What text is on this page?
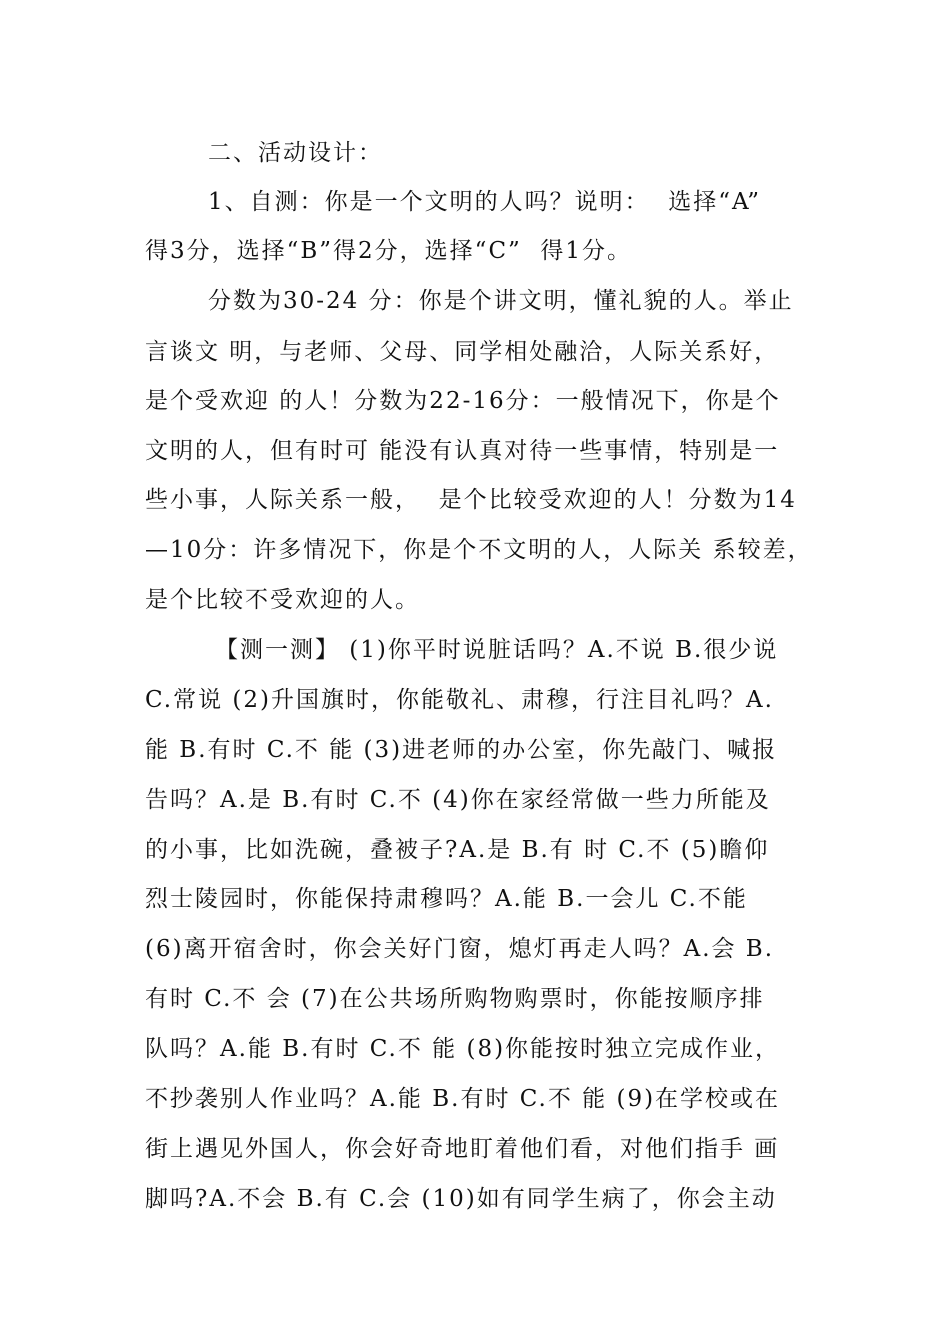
二、活动设计：
1、自测：你是一个文明的人吗？说明：  选择“A”
得3分，选择“B”得2分，选择“C”  得1分。
分数为30-24 分：你是个讲文明，懂礼貌的人。举止
言谈文 明，与老师、父母、同学相处融洽，人际关系好，
是个受欢迎 的人！分数为22-16分：一般情况下，你是个
文明的人，但有时可 能没有认真对待一些事情，特别是一
些小事，人际关系一般，  是个比较受欢迎的人！分数为14
—10分：许多情况下，你是个不文明的人，人际关 系较差，
是个比较不受欢迎的人。
【测一测】 (1)你平时说脏话吗？A.不说 B.很少说
C.常说 (2)升国旗时，你能敬礼、肃穆，行注目礼吗？A.
能 B.有时 C.不 能 (3)进老师的办公室，你先敲门、喊报
告吗？A.是 B.有时 C.不 (4)你在家经常做一些力所能及
的小事，比如洗碗，叠被子?A.是 B.有 时 C.不 (5)瞻仰
烈士陵园时，你能保持肃穆吗？A.能 B.一会儿 C.不能
(6)离开宿舍时，你会关好门窗，熄灯再走人吗？A.会 B.
有时 C.不 会 (7)在公共场所购物购票时，你能按顺序排
队吗？A.能 B.有时 C.不 能 (8)你能按时独立完成作业，
不抄袭别人作业吗？A.能 B.有时 C.不 能 (9)在学校或在
街上遇见外国人，你会好奇地盯着他们看，对他们指手 画
脚吗?A.不会 B.有 C.会 (10)如有同学生病了，你会主动
